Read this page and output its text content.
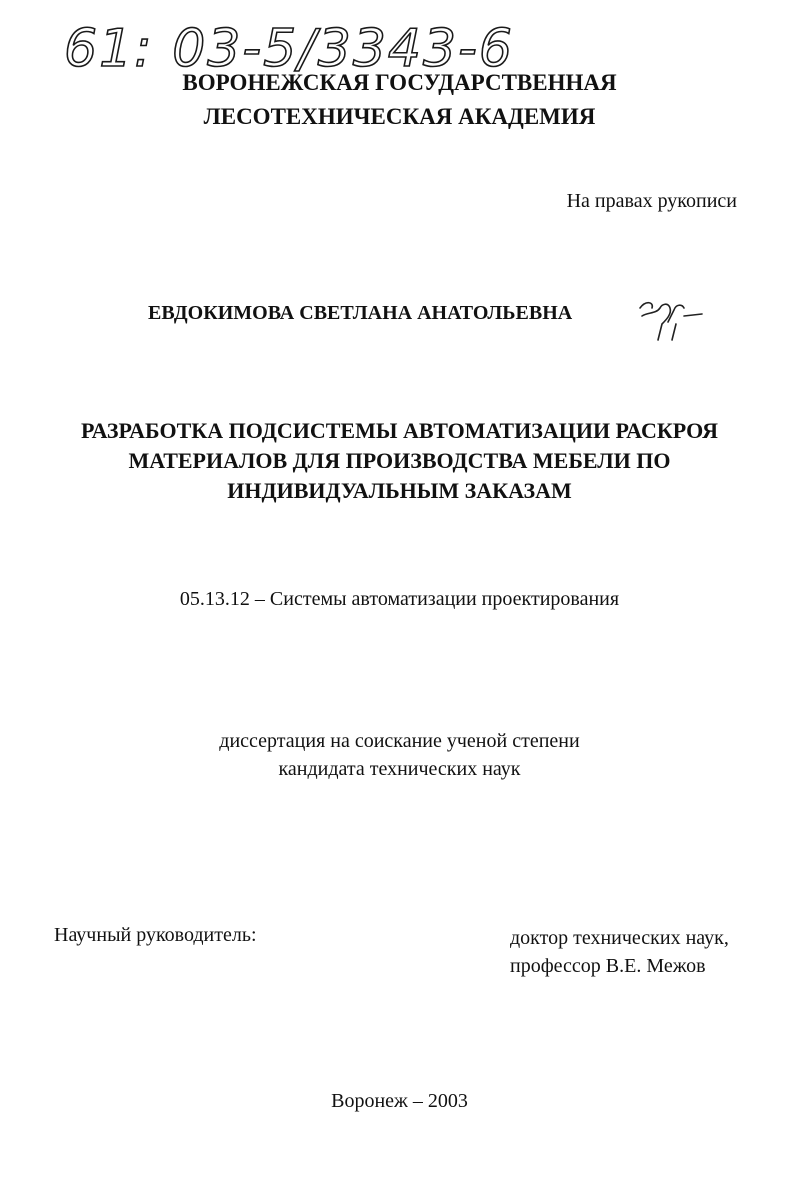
61: 03-5/3343-6
ВОРОНЕЖСКАЯ ГОСУДАРСТВЕННАЯ
ЛЕСОТЕХНИЧЕСКАЯ АКАДЕМИЯ
На правах рукописи
ЕВДОКИМОВА СВЕТЛАНА АНАТОЛЬЕВНА
РАЗРАБОТКА ПОДСИСТЕМЫ АВТОМАТИЗАЦИИ РАСКРОЯ
МАТЕРИАЛОВ ДЛЯ ПРОИЗВОДСТВА МЕБЕЛИ ПО
ИНДИВИДУАЛЬНЫМ ЗАКАЗАМ
05.13.12 – Системы автоматизации проектирования
диссертация на соискание ученой степени
кандидата технических наук
Научный руководитель:	доктор технических наук,
профессор В.Е. Межов
Воронеж – 2003
